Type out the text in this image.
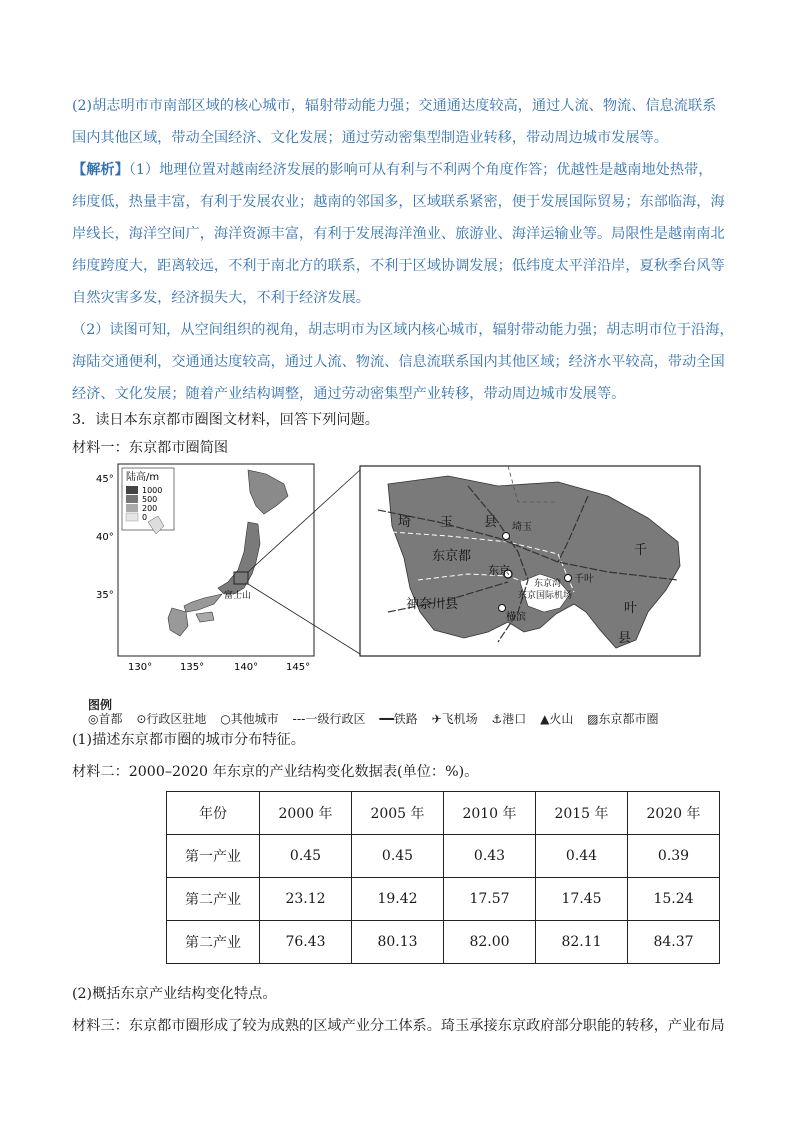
(2)胡志明市市南部区域的核心城市，辐射带动能力强；交通通达度较高，通过人流、物流、信息流联系
国内其他区域，带动全国经济、文化发展；通过劳动密集型制造业转移，带动周边城市发展等。
【解析】（1）地理位置对越南经济发展的影响可从有利与不利两个角度作答；优越性是越南地处热带，
纬度低，热量丰富，有利于发展农业；越南的邻国多，区域联系紧密，便于发展国际贸易；东部临海，海
岸线长，海洋空间广，海洋资源丰富，有利于发展海洋渔业、旅游业、海洋运输业等。局限性是越南南北
纬度跨度大，距离较远，不利于南北方的联系，不利于区域协调发展；低纬度太平洋沿岸，夏秋季台风等
自然灾害多发，经济损失大，不利于经济发展。
（2）读图可知，从空间组织的视角，胡志明市为区域内核心城市，辐射带动能力强；胡志明市位于沿海，
海陆交通便利，交通通达度较高，通过人流、物流、信息流联系国内其他区域；经济水平较高，带动全国
经济、文化发展；随着产业结构调整，通过劳动密集型产业转移，带动周边城市发展等。
3．读日本东京都市圈图文材料，回答下列问题。
材料一：东京都市圈简图
陆高/m
1000
500
200
0
45°
40°
35°
130°	135°	140°	145°
富士山
埼 玉 县
东京都
神奈川县
千
叶
县
埼玉
东京
东京湾 千叶
东京国际机场
横滨
图例
◎首都 ⊙行政区驻地 ○其他城市 ---一级行政区 ━━铁路 ✈飞机场 ⚓港口 ▲火山 ▨东京都市圈
(1)描述东京都市圈的城市分布特征。
材料二：2000–2020 年东京的产业结构变化数据表(单位：%)。
年份	2000 年	2005 年	2010 年	2015 年	2020 年
第一产业	0.45	0.45	0.43	0.44	0.39
第二产业	23.12	19.42	17.57	17.45	15.24
第二产业	76.43	80.13	82.00	82.11	84.37
(2)概括东京产业结构变化特点。
材料三：东京都市圈形成了较为成熟的区域产业分工体系。琦玉承接东京政府部分职能的转移，产业布局
